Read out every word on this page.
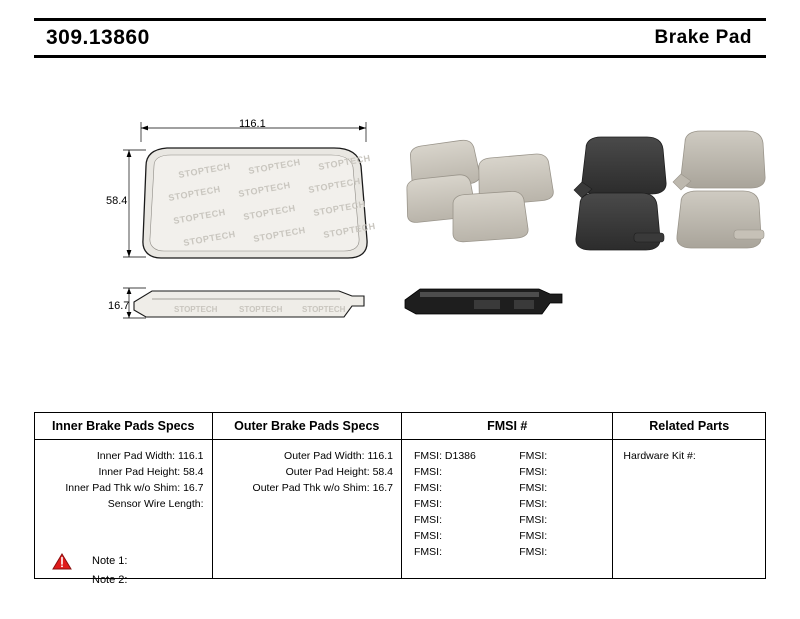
309.13860	Brake Pad
116.1
58.4
16.7
STOPTECH STOPTECH STOPTECH
STOPTECH STOPTECH STOPTECH
STOPTECH STOPTECH STOPTECH
STOPTECH STOPTECH STOPTECH
STOPTECH	STOPTECH STOPTECH
Inner Brake Pads Specs
Inner Pad Width: 116.1
Inner Pad Height: 58.4
Inner Pad Thk w/o Shim: 16.7
Sensor Wire Length:
Outer Brake Pads Specs
Outer Pad Width: 116.1
Outer Pad Height: 58.4
Outer Pad Thk w/o Shim: 16.7
FMSI #
FMSI: D1386
FMSI:
FMSI:
FMSI:
FMSI:
FMSI:
FMSI:
FMSI:
FMSI:
FMSI:
FMSI:
FMSI:
FMSI:
FMSI:
Related Parts
Hardware Kit #:
Note 1:
Note 2:
